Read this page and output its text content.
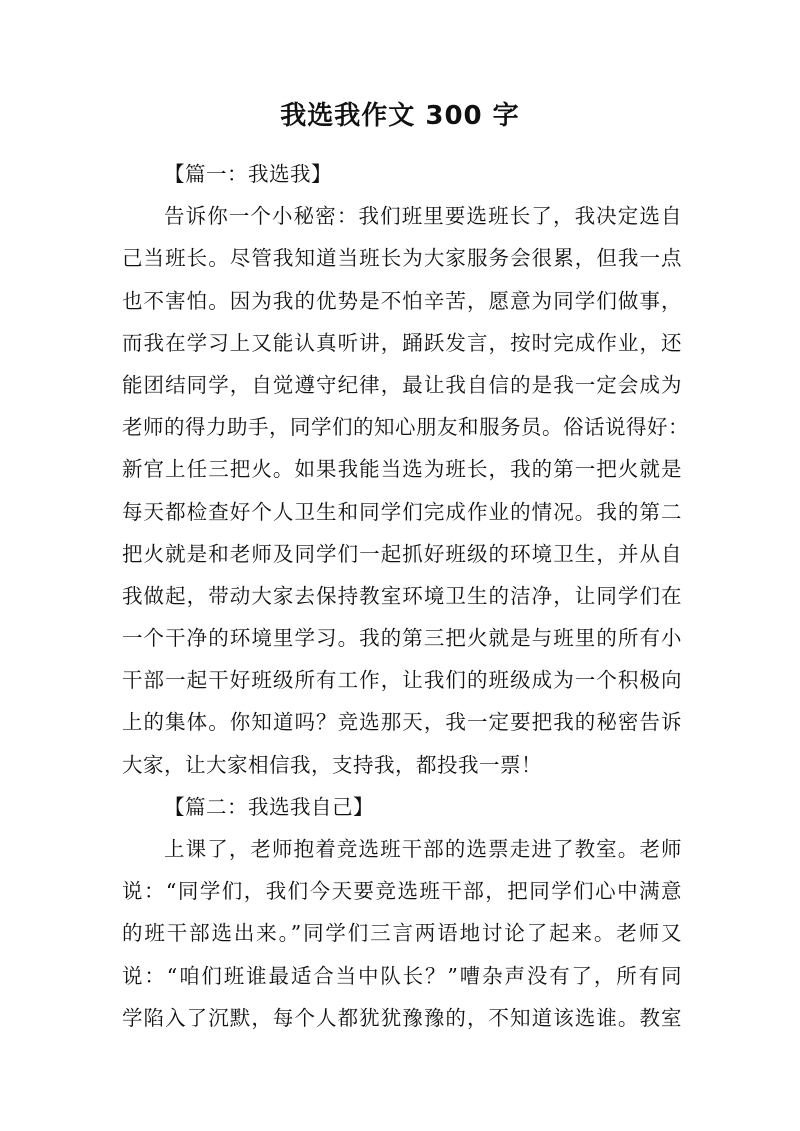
我选我作文 300 字
【篇一：我选我】
告诉你一个小秘密：我们班里要选班长了，我决定选自
己当班长。尽管我知道当班长为大家服务会很累，但我一点
也不害怕。因为我的优势是不怕辛苦，愿意为同学们做事，
而我在学习上又能认真听讲，踊跃发言，按时完成作业，还
能团结同学，自觉遵守纪律，最让我自信的是我一定会成为
老师的得力助手，同学们的知心朋友和服务员。俗话说得好：
新官上任三把火。如果我能当选为班长，我的第一把火就是
每天都检查好个人卫生和同学们完成作业的情况。我的第二
把火就是和老师及同学们一起抓好班级的环境卫生，并从自
我做起，带动大家去保持教室环境卫生的洁净，让同学们在
一个干净的环境里学习。我的第三把火就是与班里的所有小
干部一起干好班级所有工作，让我们的班级成为一个积极向
上的集体。你知道吗？竞选那天，我一定要把我的秘密告诉
大家，让大家相信我，支持我，都投我一票！
【篇二：我选我自己】
上课了，老师抱着竞选班干部的选票走进了教室。老师
说：“同学们，我们今天要竞选班干部，把同学们心中满意
的班干部选出来。”同学们三言两语地讨论了起来。老师又
说：“咱们班谁最适合当中队长？”嘈杂声没有了，所有同
学陷入了沉默，每个人都犹犹豫豫的，不知道该选谁。教室
